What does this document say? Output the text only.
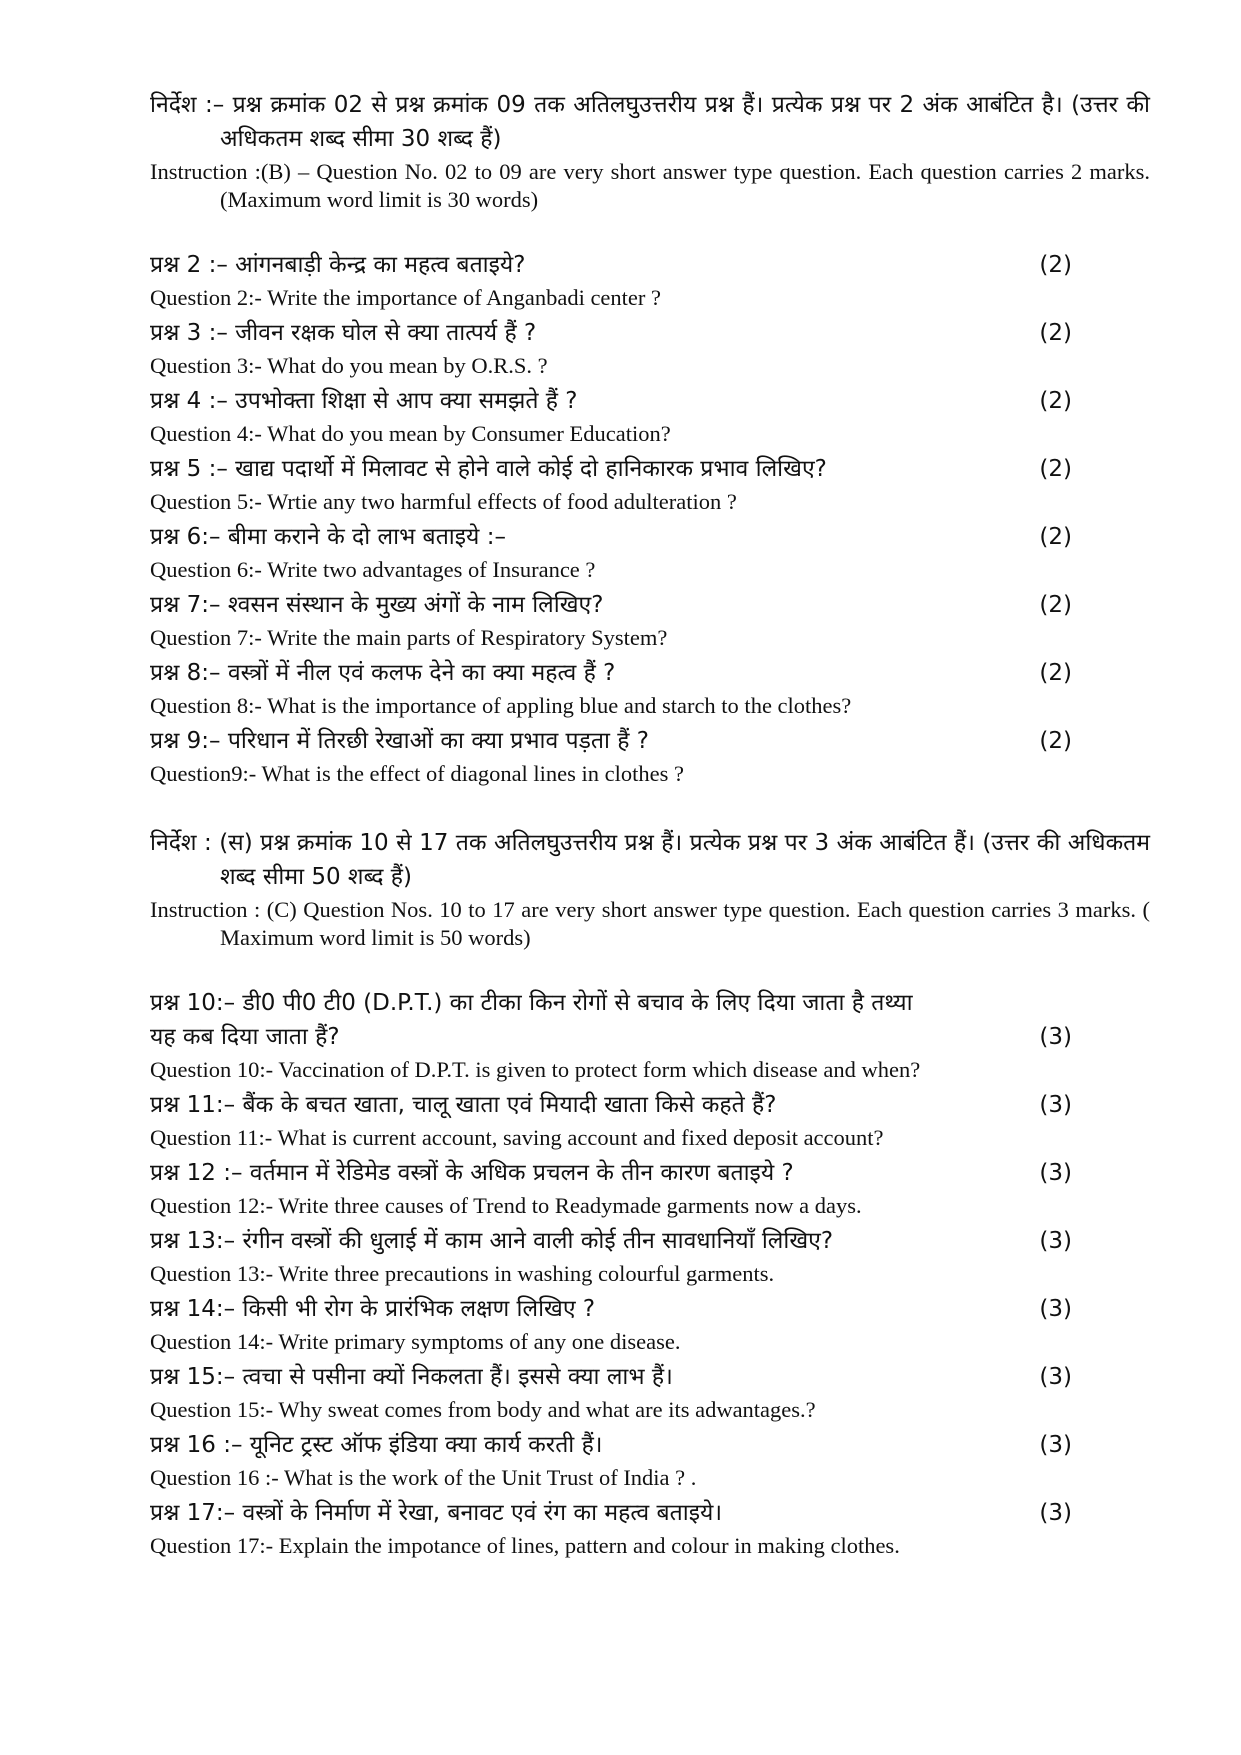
निर्देश :– प्रश्न क्रमांक 02 से प्रश्न क्रमांक 09 तक अतिलघुउत्तरीय प्रश्न हैं। प्रत्येक प्रश्न पर 2 अंक आबंटित है। (उत्तर की अधिकतम शब्द सीमा 30 शब्द हैं)
Instruction :(B) – Question No. 02 to 09 are very short answer type question. Each question carries 2 marks. (Maximum word limit is 30 words)
प्रश्न 2 :– आंगनबाड़ी केन्द्र का महत्व बताइये?	(2)
Question 2:- Write the importance of Anganbadi center ?
प्रश्न 3 :– जीवन रक्षक घोल से क्या तात्पर्य हैं ?	(2)
Question 3:- What do you mean by O.R.S. ?
प्रश्न 4 :– उपभोक्ता शिक्षा से आप क्या समझते हैं ?	(2)
Question 4:- What do you mean by Consumer Education?
प्रश्न 5 :– खाद्य पदार्थो में मिलावट से होने वाले कोई दो हानिकारक प्रभाव लिखिए?	(2)
Question 5:- Wrtie any two harmful effects of food adulteration ?
प्रश्न 6:– बीमा कराने के दो लाभ बताइये :–	(2)
Question 6:- Write two advantages of Insurance ?
प्रश्न 7:– श्वसन संस्थान के मुख्य अंगों के नाम लिखिए?	(2)
Question 7:- Write the main parts of Respiratory System?
प्रश्न 8:– वस्त्रों में नील एवं कलफ देने का क्या महत्व हैं ?	(2)
Question 8:- What is the importance of appling blue and starch to the clothes?
प्रश्न 9:– परिधान में तिरछी रेखाओं का क्या प्रभाव पड़ता हैं ?	(2)
Question9:- What is the effect of diagonal lines in clothes ?
निर्देश : (स) प्रश्न क्रमांक 10 से 17 तक अतिलघुउत्तरीय प्रश्न हैं। प्रत्येक प्रश्न पर 3 अंक आबंटित हैं। (उत्तर की अधिकतम शब्द सीमा 50 शब्द हैं)
Instruction : (C) Question Nos. 10 to 17 are very short answer type question. Each question carries 3 marks. ( Maximum word limit is 50 words)
प्रश्न 10:– डी0 पी0 टी0 (D.P.T.) का टीका किन रोगों से बचाव के लिए दिया जाता है तथ्या
यह कब दिया जाता हैं?	(3)
Question 10:- Vaccination of D.P.T. is given to protect form which disease and when?
प्रश्न 11:– बैंक के बचत खाता, चालू खाता एवं मियादी खाता किसे कहते हैं?	(3)
Question 11:- What is current account, saving account and fixed deposit account?
प्रश्न 12 :– वर्तमान में रेडिमेड वस्त्रों के अधिक प्रचलन के तीन कारण बताइये ?	(3)
Question 12:- Write three causes of Trend to Readymade garments now a days.
प्रश्न 13:– रंगीन वस्त्रों की धुलाई में काम आने वाली कोई तीन सावधानियाँ लिखिए?	(3)
Question 13:- Write three precautions in washing colourful garments.
प्रश्न 14:– किसी भी रोग के प्रारंभिक लक्षण लिखिए ?	(3)
Question 14:- Write primary symptoms of any one disease.
प्रश्न 15:– त्वचा से पसीना क्यों निकलता हैं। इससे क्या लाभ हैं।	(3)
Question 15:- Why sweat comes from body and what are its adwantages.?
प्रश्न 16 :– यूनिट ट्रस्ट ऑफ इंडिया क्या कार्य करती हैं।	(3)
Question 16 :- What is the work of the Unit Trust of India ? .
प्रश्न 17:– वस्त्रों के निर्माण में रेखा, बनावट एवं रंग का महत्व बताइये।	(3)
Question 17:- Explain the impotance of lines, pattern and colour in making clothes.
